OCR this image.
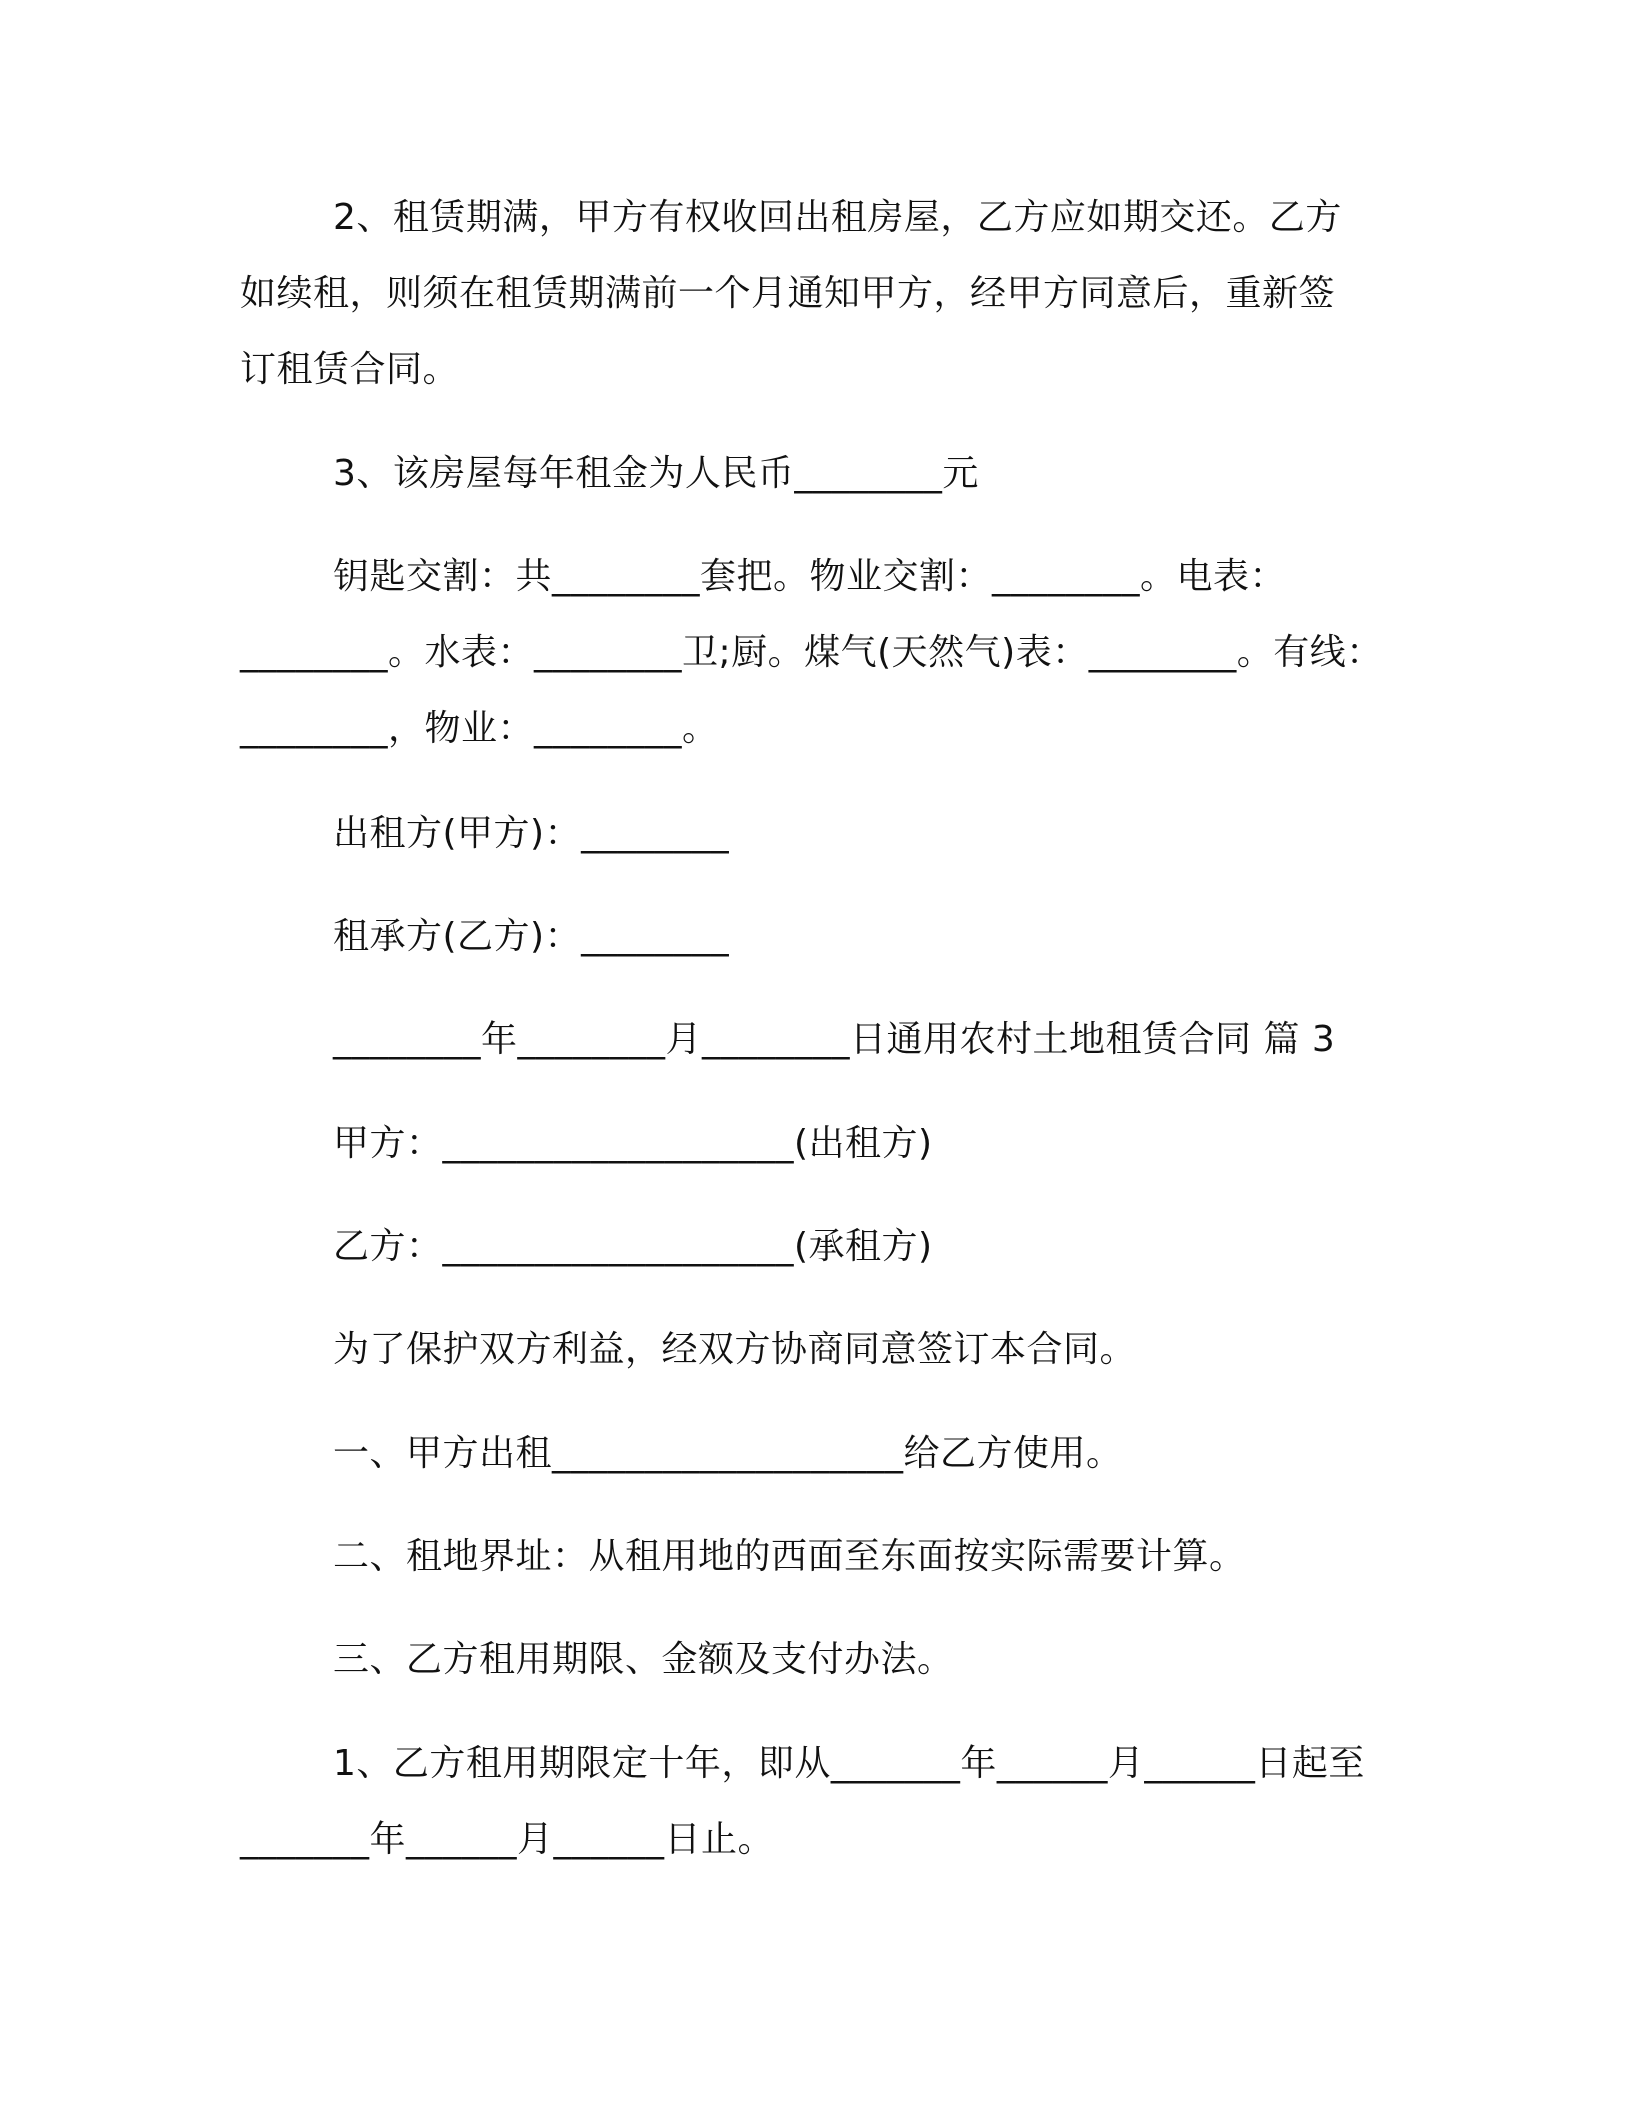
2、租赁期满，甲方有权收回出租房屋，乙方应如期交还。乙方
如续租，则须在租赁期满前一个月通知甲方，经甲方同意后，重新签
订租赁合同。
3、该房屋每年租金为人民币________元
钥匙交割：共________套把。物业交割：________。电表：
________。水表：________卫;厨。煤气(天然气)表：________。有线：
________，物业：________。
出租方(甲方)：________
租承方(乙方)：________
________年________月________日通用农村土地租赁合同 篇 3
甲方：___________________(出租方)
乙方：___________________(承租方)
为了保护双方利益，经双方协商同意签订本合同。
一、甲方出租___________________给乙方使用。
二、租地界址：从租用地的西面至东面按实际需要计算。
三、乙方租用期限、金额及支付办法。
1、乙方租用期限定十年，即从_______年______月______日起至
_______年______月______日止。
